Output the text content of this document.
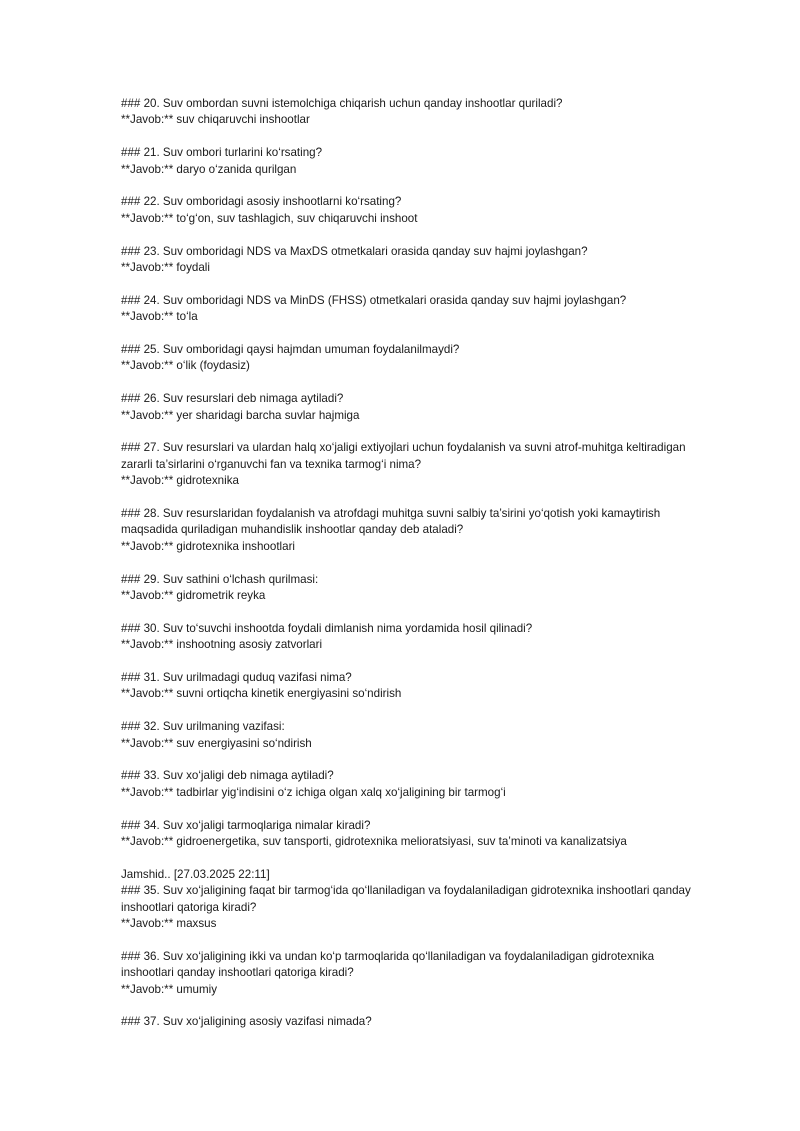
### 20. Suv ombordan suvni istemolchiga chiqarish uchun qanday inshootlar quriladi?
**Javob:** suv chiqaruvchi inshootlar
### 21. Suv ombori turlarini ko‘rsating?
**Javob:** daryo o‘zanida qurilgan
### 22. Suv omboridagi asosiy inshootlarni ko‘rsating?
**Javob:** to‘g‘on, suv tashlagich, suv chiqaruvchi inshoot
### 23. Suv omboridagi NDS va MaxDS otmetkalari orasida qanday suv hajmi joylashgan?
**Javob:** foydali
### 24. Suv omboridagi NDS va MinDS (FHSS) otmetkalari orasida qanday suv hajmi joylashgan?
**Javob:** to‘la
### 25. Suv omboridagi qaysi hajmdan umuman foydalanilmaydi?
**Javob:** o‘lik (foydasiz)
### 26. Suv resurslari deb nimaga aytiladi?
**Javob:** yer sharidagi barcha suvlar hajmiga
### 27. Suv resurslari va ulardan halq xo‘jaligi extiyojlari uchun foydalanish va suvni atrof-muhitga keltiradigan zararli ta’sirlarini o‘rganuvchi fan va texnika tarmog‘i nima?
**Javob:** gidrotexnika
### 28. Suv resurslaridan foydalanish va atrofdagi muhitga suvni salbiy ta’sirini yo‘qotish yoki kamaytirish maqsadida quriladigan muhandislik inshootlar qanday deb ataladi?
**Javob:** gidrotexnika inshootlari
### 29. Suv sathini o‘lchash qurilmasi:
**Javob:** gidrometrik reyka
### 30. Suv to‘suvchi inshootda foydali dimlanish nima yordamida hosil qilinadi?
**Javob:** inshootning asosiy zatvorlari
### 31. Suv urilmadagi quduq vazifasi nima?
**Javob:** suvni ortiqcha kinetik energiyasini so‘ndirish
### 32. Suv urilmaning vazifasi:
**Javob:** suv energiyasini so‘ndirish
### 33. Suv xo‘jaligi deb nimaga aytiladi?
**Javob:** tadbirlar yig‘indisini o‘z ichiga olgan xalq xo‘jaligining bir tarmog‘i
### 34. Suv xo‘jaligi tarmoqlariga nimalar kiradi?
**Javob:** gidroenergetika, suv tansporti, gidrotexnika melioratsiyasi, suv ta’minoti va kanalizatsiya
Jamshid.. [27.03.2025 22:11]
### 35. Suv xo‘jaligining faqat bir tarmog‘ida qo‘llaniladigan va foydalaniladigan gidrotexnika inshootlari qanday inshootlari qatoriga kiradi?
**Javob:** maxsus
### 36. Suv xo‘jaligining ikki va undan ko‘p tarmoqlarida qo‘llaniladigan va foydalaniladigan gidrotexnika inshootlari qanday inshootlari qatoriga kiradi?
**Javob:** umumiy
### 37. Suv xo‘jaligining asosiy vazifasi nimada?
